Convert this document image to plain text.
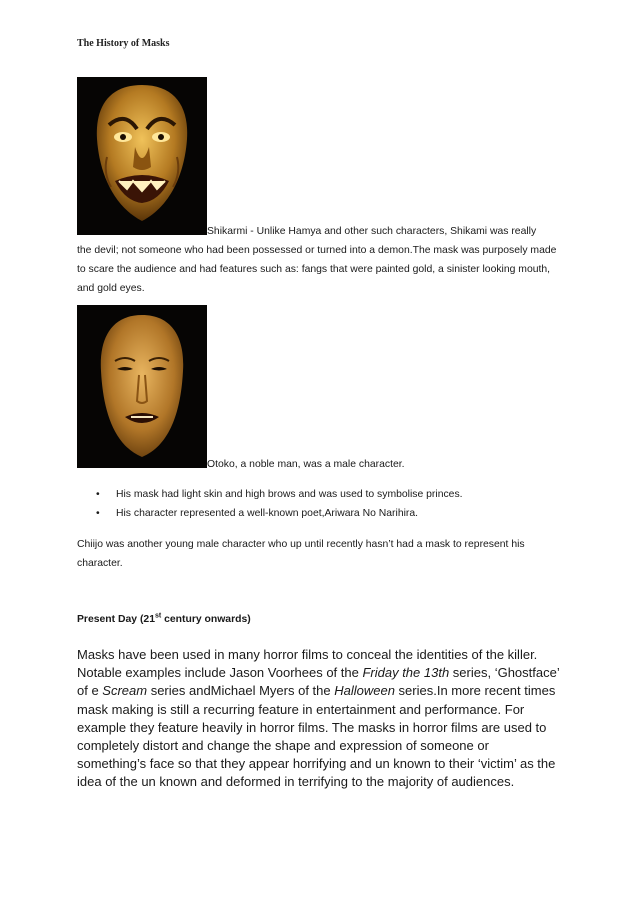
The History of Masks
Shikarmi - Unlike Hamya and other such characters, Shikami was really
the devil; not someone who had been possessed or turned into a demon.The mask was purposely made to scare the audience and had features such as: fangs that were painted gold, a sinister looking mouth, and gold eyes.
Otoko, a noble man, was a male character.
• His mask had light skin and high brows and was used to symbolise princes.
• His character represented a well-known poet,Ariwara No Narihira.
Chiijo was another young male character who up until recently hasn’t had a mask to represent his character.
Present Day (21st century onwards)
Masks have been used in many horror films to conceal the identities of the killer. Notable examples include Jason Voorhees of the Friday the 13th series, ‘Ghostface’ of e Scream series andMichael Myers of the Halloween series.In more recent times mask making is still a recurring feature in entertainment and performance. For example they feature heavily in horror films. The masks in horror films are used to completely distort and change the shape and expression of someone or something’s face so that they appear horrifying and un known to their ‘victim’ as the idea of the un known and deformed in terrifying to the majority of audiences.
